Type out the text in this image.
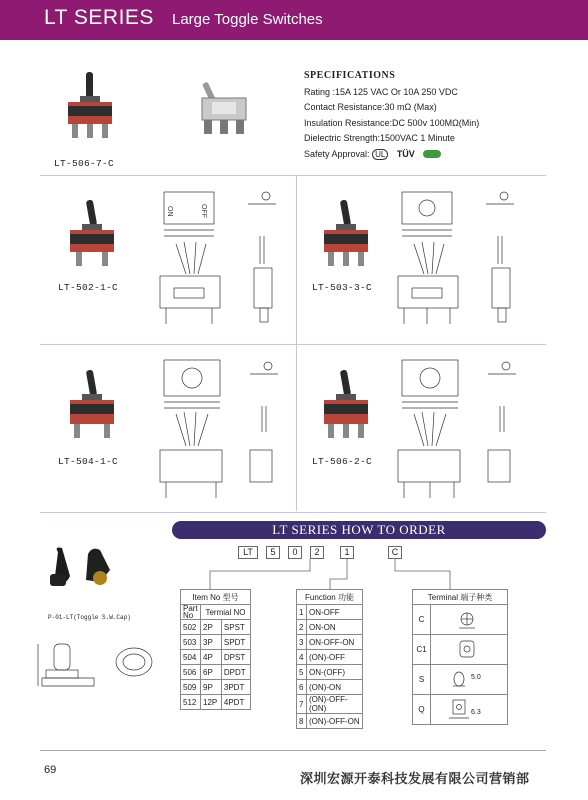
LT SERIES Large Toggle Switches
LT-506-7-C
SPECIFICATIONS
Rating :15A 125 VAC Or 10A 250 VDC
Contact Resistance:30 mΩ (Max)
Insulation Resistance:DC 500v 100MΩ(Min)
Dielectric Strength:1500VAC 1 Minute
Safety Approval: UL TÜV
LT-502-1-C
ON	OFF
LT-503-3-C
LT-504-1-C	LT-506-2-C
LT SERIES HOW TO ORDER
LT	5	0	2	1	C
P-01-LT(Toggle S.W.Cap)
Item No 型号		
Part No	Termial NO	
502	2P	SPST
503	3P	SPDT
504	4P	DPST
506	6P	DPDT
509	9P	3PDT
512	12P	4PDT
Function 功能	
1	ON-OFF
2	ON-ON
3	ON-OFF-ON
4	(ON)-OFF
5	ON-(OFF)
6	(ON)-ON
7	(ON)-OFF-(ON)
8	(ON)-OFF-ON
Terminal 端子种类	
C	
C1	
S	5.0

Q	6.3
69
深圳宏源开泰科技发展有限公司营销部
